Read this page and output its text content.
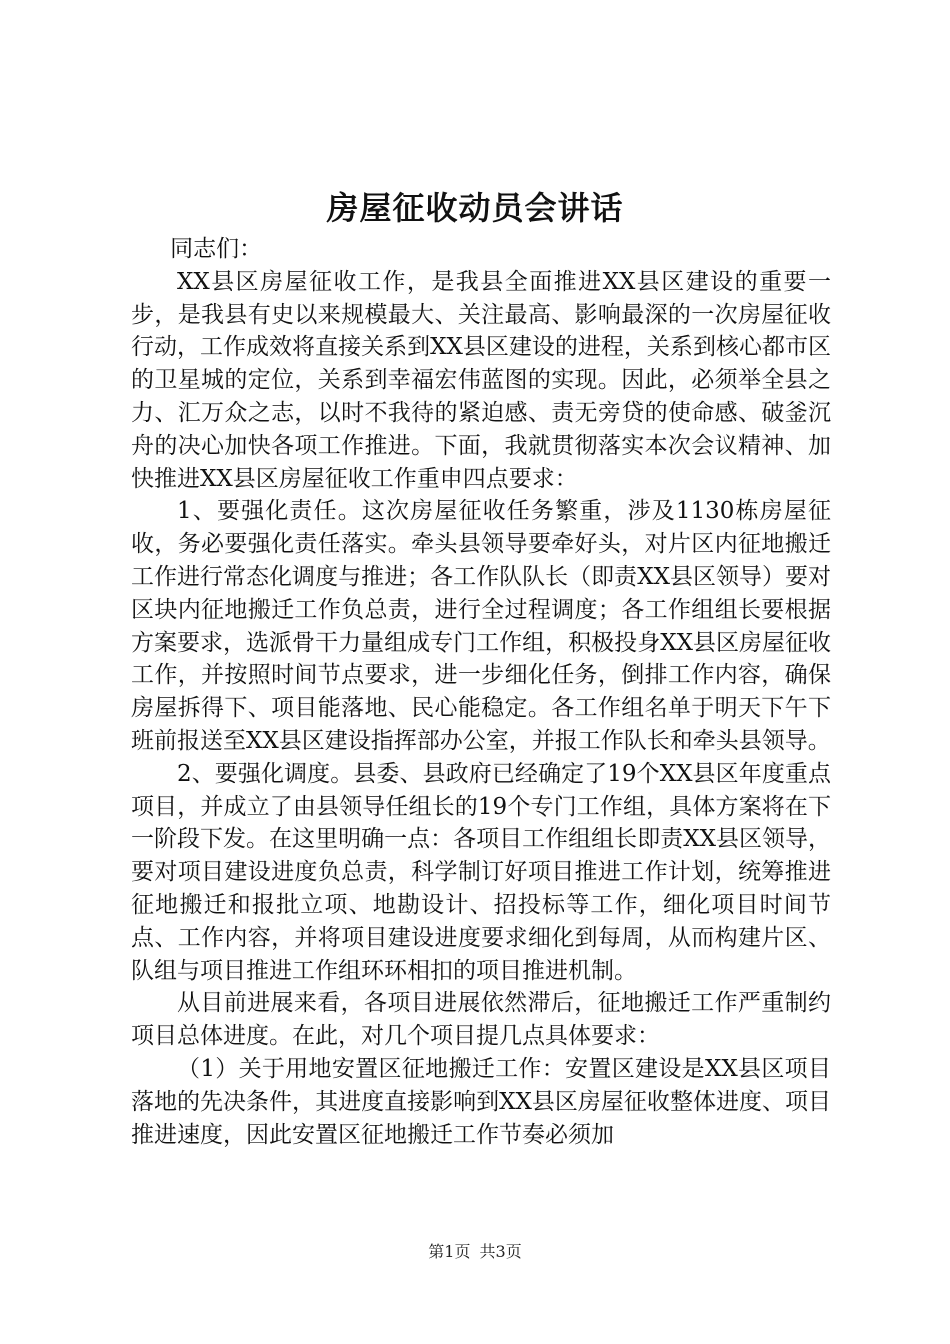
房屋征收动员会讲话

同志们：

XX县区房屋征收工作，是我县全面推进XX县区建设的重要一步，是我县有史以来规模最大、关注最高、影响最深的一次房屋征收行动，工作成效将直接关系到XX县区建设的进程，关系到核心都市区的卫星城的定位，关系到幸福宏伟蓝图的实现。因此，必须举全县之力、汇万众之志，以时不我待的紧迫感、责无旁贷的使命感、破釜沉舟的决心加快各项工作推进。下面，我就贯彻落实本次会议精神、加快推进XX县区房屋征收工作重申四点要求：

1、要强化责任。这次房屋征收任务繁重，涉及1130栋房屋征收，务必要强化责任落实。牵头县领导要牵好头，对片区内征地搬迁工作进行常态化调度与推进；各工作队队长（即责XX县区领导）要对区块内征地搬迁工作负总责，进行全过程调度；各工作组组长要根据方案要求，选派骨干力量组成专门工作组，积极投身XX县区房屋征收工作，并按照时间节点要求，进一步细化任务，倒排工作内容，确保房屋拆得下、项目能落地、民心能稳定。各工作组名单于明天下午下班前报送至XX县区建设指挥部办公室，并报工作队长和牵头县领导。

2、要强化调度。县委、县政府已经确定了19个XX县区年度重点项目，并成立了由县领导任组长的19个专门工作组，具体方案将在下一阶段下发。在这里明确一点：各项目工作组组长即责XX县区领导，要对项目建设进度负总责，科学制订好项目推进工作计划，统筹推进征地搬迁和报批立项、地勘设计、招投标等工作，细化项目时间节点、工作内容，并将项目建设进度要求细化到每周，从而构建片区、队组与项目推进工作组环环相扣的项目推进机制。

从目前进展来看，各项目进展依然滞后，征地搬迁工作严重制约项目总体进度。在此，对几个项目提几点具体要求：

（1）关于用地安置区征地搬迁工作：安置区建设是XX县区项目落地的先决条件，其进度直接影响到XX县区房屋征收整体进度、项目推进速度，因此安置区征地搬迁工作节奏必须加

第1页 共3页
